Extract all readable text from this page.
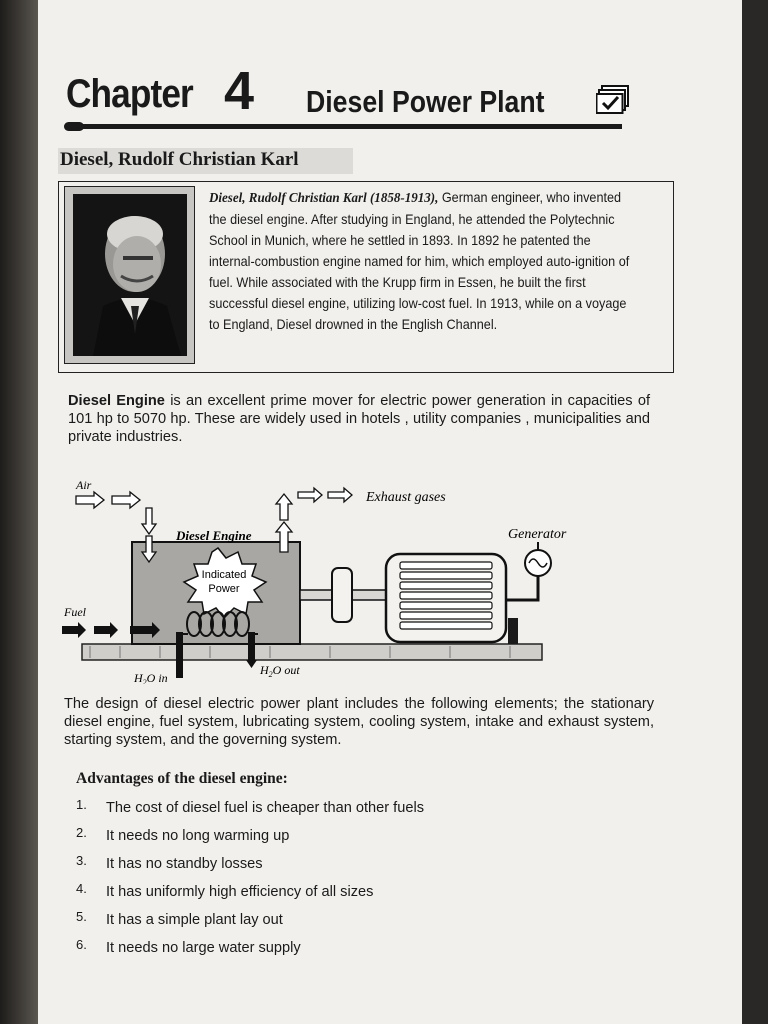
Chapter 4 Diesel Power Plant
Diesel, Rudolf Christian Karl
Diesel, Rudolf Christian Karl (1858-1913), German engineer, who invented the diesel engine. After studying in England, he attended the Polytechnic School in Munich, where he settled in 1893. In 1892 he patented the internal-combustion engine named for him, which employed auto-ignition of fuel. While associated with the Krupp firm in Essen, he built the first successful diesel engine, utilizing low-cost fuel. In 1913, while on a voyage to England, Diesel drowned in the English Channel.
Diesel Engine is an excellent prime mover for electric power generation in capacities of 101 hp to 5070 hp. These are widely used in hotels , utility companies , municipalities and private industries.
Indicated
Power
Generator
Diesel Engine
Air
Exhaust gases
Fuel
$H_2O$ in
$H_2O$ out
The design of diesel electric power plant includes the following elements; the stationary diesel engine, fuel system, lubricating system, cooling system, intake and exhaust system, starting system, and the governing system.
Advantages of the diesel engine:
1. The cost of diesel fuel is cheaper than other fuels
2. It needs no long warming up
3. It has no standby losses
4. It has uniformly high efficiency of all sizes
5. It has a simple plant lay out
6. It needs no large water supply
